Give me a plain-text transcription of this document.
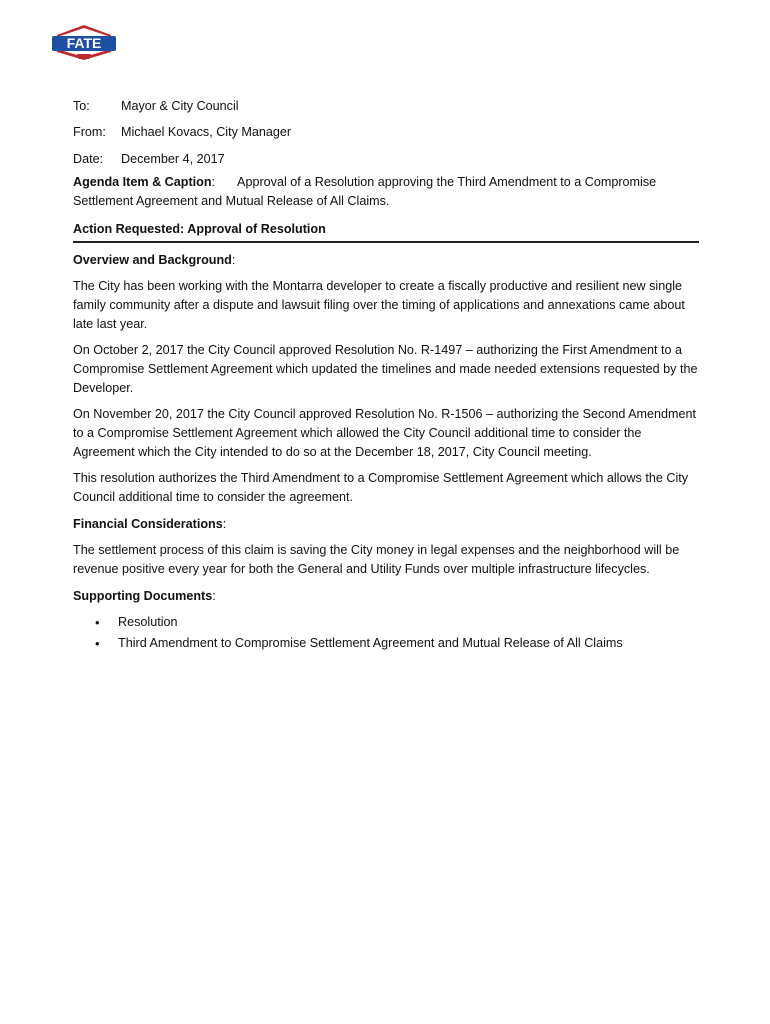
FATE
To:	Mayor & City Council
From:	Michael Kovacs, City Manager
Date:	December 4, 2017
Agenda Item & Caption: Approval of a Resolution approving the Third Amendment to a Compromise Settlement Agreement and Mutual Release of All Claims.
Action Requested: Approval of Resolution
Overview and Background:

The City has been working with the Montarra developer to create a fiscally productive and resilient new single family community after a dispute and lawsuit filing over the timing of applications and annexations came about late last year.

On October 2, 2017 the City Council approved Resolution No. R-1497 – authorizing the First Amendment to a Compromise Settlement Agreement which updated the timelines and made needed extensions requested by the Developer.

On November 20, 2017 the City Council approved Resolution No. R-1506 – authorizing the Second Amendment to a Compromise Settlement Agreement which allowed the City Council additional time to consider the Agreement which the City intended to do so at the December 18, 2017, City Council meeting.

This resolution authorizes the Third Amendment to a Compromise Settlement Agreement which allows the City Council additional time to consider the agreement.

Financial Considerations:

The settlement process of this claim is saving the City money in legal expenses and the neighborhood will be revenue positive every year for both the General and Utility Funds over multiple infrastructure lifecycles.

Supporting Documents:
•	Resolution
•	Third Amendment to Compromise Settlement Agreement and Mutual Release of All Claims
